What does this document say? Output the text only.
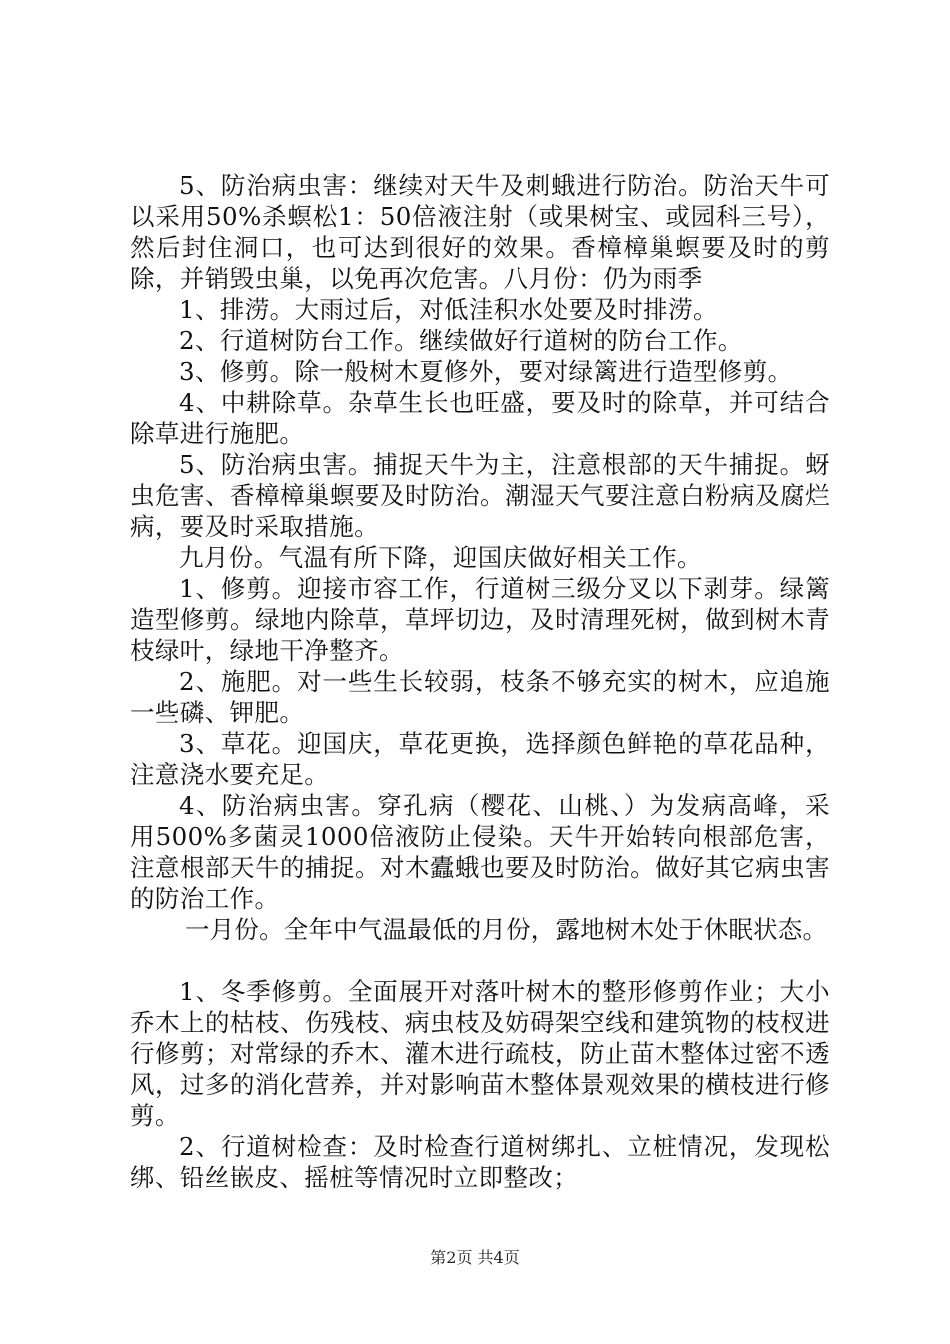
5、防治病虫害：继续对天牛及刺蛾进行防治。防治天牛可以采用50%杀螟松1：50倍液注射（或果树宝、或园科三号），然后封住洞口，也可达到很好的效果。香樟樟巢螟要及时的剪除，并销毁虫巢，以免再次危害。八月份：仍为雨季

1、排涝。大雨过后，对低洼积水处要及时排涝。

2、行道树防台工作。继续做好行道树的防台工作。

3、修剪。除一般树木夏修外，要对绿篱进行造型修剪。

4、中耕除草。杂草生长也旺盛，要及时的除草，并可结合除草进行施肥。

5、防治病虫害。捕捉天牛为主，注意根部的天牛捕捉。蚜虫危害、香樟樟巢螟要及时防治。潮湿天气要注意白粉病及腐烂病，要及时采取措施。

九月份。气温有所下降，迎国庆做好相关工作。

1、修剪。迎接市容工作，行道树三级分叉以下剥芽。绿篱造型修剪。绿地内除草，草坪切边，及时清理死树，做到树木青枝绿叶，绿地干净整齐。

2、施肥。对一些生长较弱，枝条不够充实的树木，应追施一些磷、钾肥。

3、草花。迎国庆，草花更换，选择颜色鲜艳的草花品种，注意浇水要充足。

4、防治病虫害。穿孔病（樱花、山桃、）为发病高峰，采用500%多菌灵1000倍液防止侵染。天牛开始转向根部危害，注意根部天牛的捕捉。对木蠹蛾也要及时防治。做好其它病虫害的防治工作。

一月份。全年中气温最低的月份，露地树木处于休眠状态。

1、冬季修剪。全面展开对落叶树木的整形修剪作业；大小乔木上的枯枝、伤残枝、病虫枝及妨碍架空线和建筑物的枝杈进行修剪；对常绿的乔木、灌木进行疏枝，防止苗木整体过密不透风，过多的消化营养，并对影响苗木整体景观效果的横枝进行修剪。

2、行道树检查：及时检查行道树绑扎、立桩情况，发现松绑、铅丝嵌皮、摇桩等情况时立即整改；

第2页 共4页
